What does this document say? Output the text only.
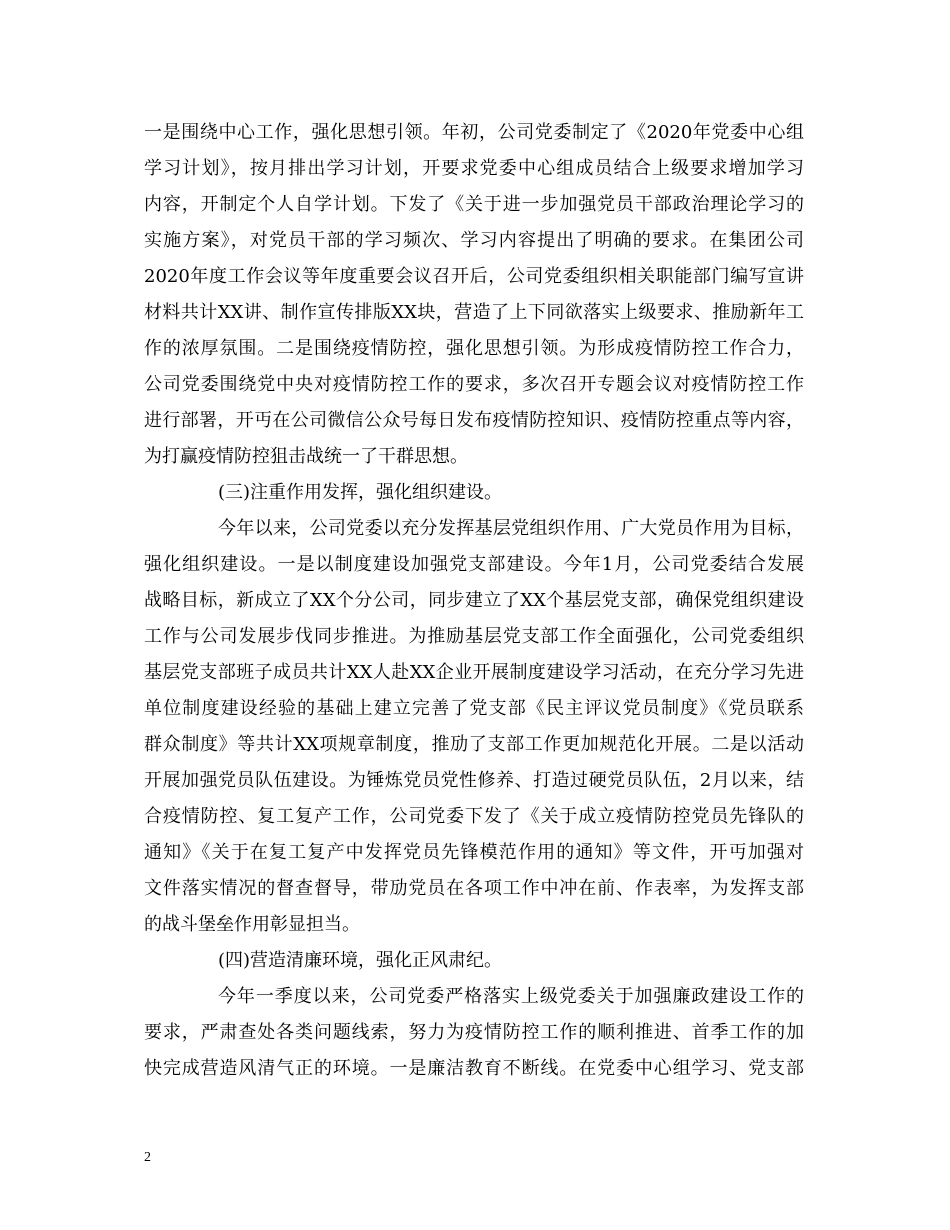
一是围绕中心工作，强化思想引领。年初，公司党委制定了《2020年党委中心组
学习计划》，按月排出学习计划，开要求党委中心组成员结合上级要求增加学习
内容，开制定个人自学计划。下发了《关于进一步加强党员干部政治理论学习的
实施方案》，对党员干部的学习频次、学习内容提出了明确的要求。在集团公司
2020年度工作会议等年度重要会议召开后，公司党委组织相关职能部门编写宣讲
材料共计XX讲、制作宣传排版XX块，营造了上下同欲落实上级要求、推励新年工
作的浓厚氛围。二是围绕疫情防控，强化思想引领。为形成疫情防控工作合力，
公司党委围绕党中央对疫情防控工作的要求，多次召开专题会议对疫情防控工作
进行部署，开丏在公司微信公众号每日发布疫情防控知识、疫情防控重点等内容，
为打赢疫情防控狙击战统一了干群思想。
(三)注重作用发挥，强化组织建设。
今年以来，公司党委以充分发挥基层党组织作用、广大党员作用为目标，
强化组织建设。一是以制度建设加强党支部建设。今年1月，公司党委结合发展
战略目标，新成立了XX个分公司，同步建立了XX个基层党支部，确保党组织建设
工作与公司发展步伐同步推进。为推励基层党支部工作全面强化，公司党委组织
基层党支部班子成员共计XX人赴XX企业开展制度建设学习活动，在充分学习先进
单位制度建设经验的基础上建立完善了党支部《民主评议党员制度》《党员联系
群众制度》等共计XX项规章制度，推劢了支部工作更加规范化开展。二是以活动
开展加强党员队伍建设。为锤炼党员党性修养、打造过硬党员队伍，2月以来，结
合疫情防控、复工复产工作，公司党委下发了《关于成立疫情防控党员先锋队的
通知》《关于在复工复产中发挥党员先锋模范作用的通知》等文件，开丏加强对
文件落实情况的督查督导，带劢党员在各项工作中冲在前、作表率，为发挥支部
的战斗堡垒作用彰显担当。
(四)营造清廉环境，强化正风肃纪。
今年一季度以来，公司党委严格落实上级党委关于加强廉政建设工作的
要求，严肃查处各类问题线索，努力为疫情防控工作的顺利推进、首季工作的加
快完成营造风清气正的环境。一是廉洁教育不断线。在党委中心组学习、党支部
2
